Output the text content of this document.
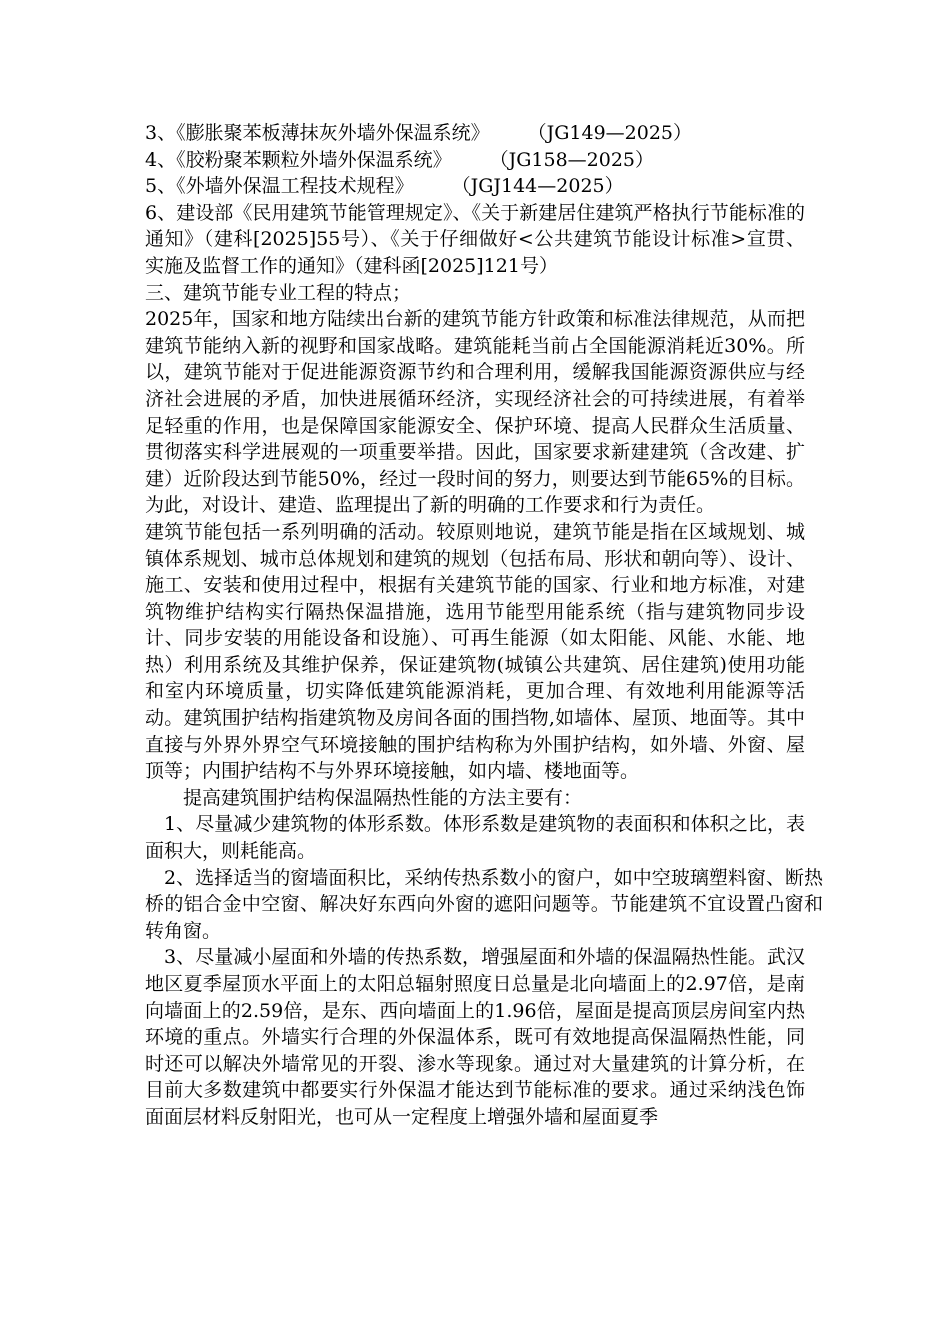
3、《膨胀聚苯板薄抹灰外墙外保温系统》 （JG149—2025）

4、《胶粉聚苯颗粒外墙外保温系统》 （JG158—2025）

5、《外墙外保温工程技术规程》 （JGJ144—2025）

6、建设部《民用建筑节能管理规定》、《关于新建居住建筑严格执行节能标准的通知》（建科[2025]55号）、《关于仔细做好<公共建筑节能设计标准>宣贯、实施及监督工作的通知》（建科函[2025]121号）

三、建筑节能专业工程的特点；

2025年，国家和地方陆续出台新的建筑节能方针政策和标准法律规范，从而把建筑节能纳入新的视野和国家战略。建筑能耗当前占全国能源消耗近30%。所以，建筑节能对于促进能源资源节约和合理利用，缓解我国能源资源供应与经济社会进展的矛盾，加快进展循环经济，实现经济社会的可持续进展，有着举足轻重的作用，也是保障国家能源安全、保护环境、提高人民群众生活质量、贯彻落实科学进展观的一项重要举措。因此，国家要求新建建筑（含改建、扩建）近阶段达到节能50%，经过一段时间的努力，则要达到节能65%的目标。为此，对设计、建造、监理提出了新的明确的工作要求和行为责任。

建筑节能包括一系列明确的活动。较原则地说，建筑节能是指在区域规划、城镇体系规划、城市总体规划和建筑的规划（包括布局、形状和朝向等）、设计、施工、安装和使用过程中，根据有关建筑节能的国家、行业和地方标准，对建筑物维护结构实行隔热保温措施，选用节能型用能系统（指与建筑物同步设计、同步安装的用能设备和设施）、可再生能源（如太阳能、风能、水能、地热）利用系统及其维护保养，保证建筑物(城镇公共建筑、居住建筑)使用功能和室内环境质量，切实降低建筑能源消耗，更加合理、有效地利用能源等活动。建筑围护结构指建筑物及房间各面的围挡物,如墙体、屋顶、地面等。其中直接与外界外界空气环境接触的围护结构称为外围护结构，如外墙、外窗、屋顶等；内围护结构不与外界环境接触，如内墙、楼地面等。

提高建筑围护结构保温隔热性能的方法主要有：

1、尽量减少建筑物的体形系数。体形系数是建筑物的表面积和体积之比，表面积大，则耗能高。

2、选择适当的窗墙面积比，采纳传热系数小的窗户，如中空玻璃塑料窗、断热桥的铝合金中空窗、解决好东西向外窗的遮阳问题等。节能建筑不宜设置凸窗和转角窗。

3、尽量减小屋面和外墙的传热系数，增强屋面和外墙的保温隔热性能。武汉地区夏季屋顶水平面上的太阳总辐射照度日总量是北向墙面上的2.97倍，是南向墙面上的2.59倍，是东、西向墙面上的1.96倍，屋面是提高顶层房间室内热环境的重点。外墙实行合理的外保温体系，既可有效地提高保温隔热性能，同时还可以解决外墙常见的开裂、渗水等现象。通过对大量建筑的计算分析，在目前大多数建筑中都要实行外保温才能达到节能标准的要求。通过采纳浅色饰面面层材料反射阳光，也可从一定程度上增强外墙和屋面夏季
